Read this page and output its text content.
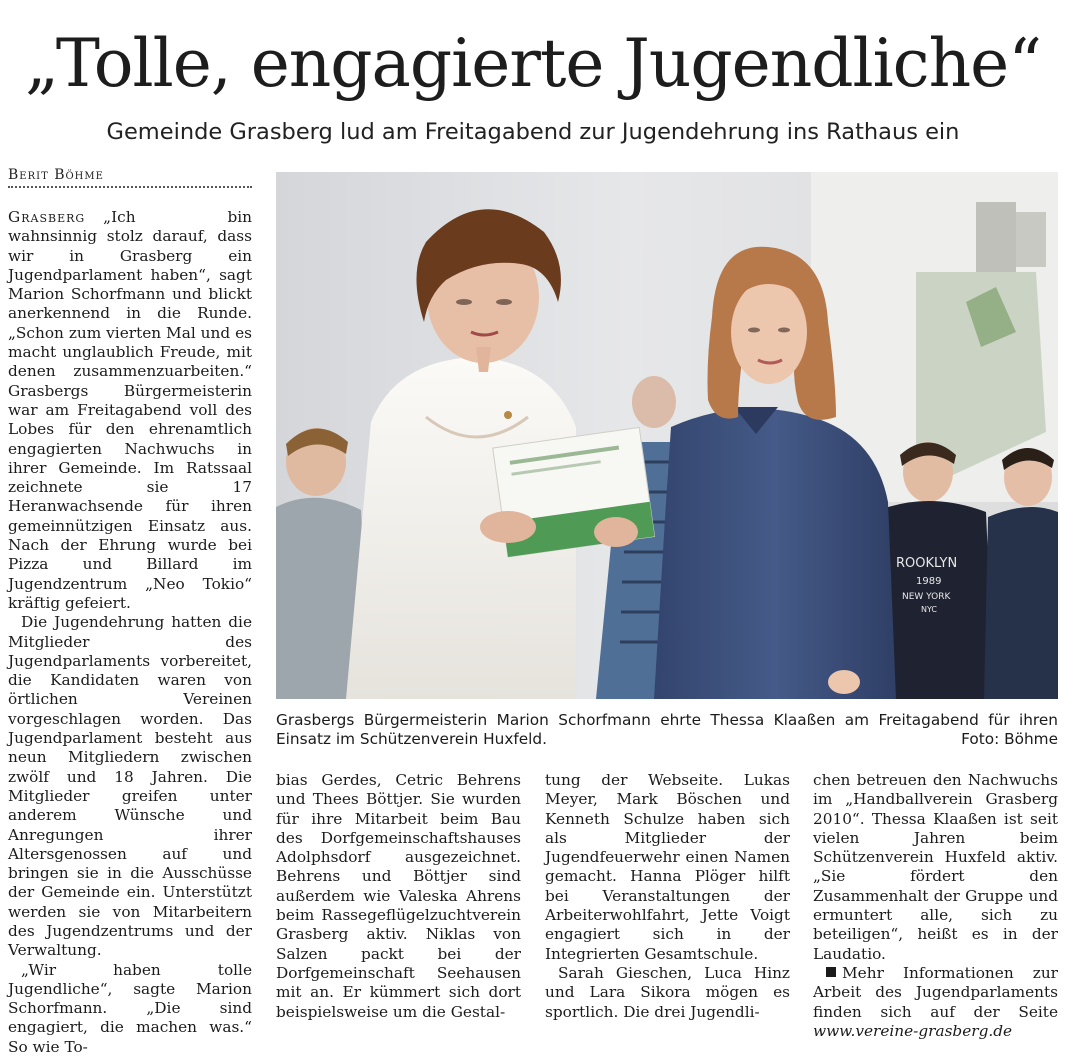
„Tolle, engagierte Jugendliche“
Gemeinde Grasberg lud am Freitagabend zur Jugendehrung ins Rathaus ein
Berit Böhme

Grasberg „Ich bin wahnsinnig stolz darauf, dass wir in Grasberg ein Jugendparlament haben“, sagt Marion Schorfmann und blickt anerkennend in die Runde. „Schon zum vierten Mal und es macht unglaublich Freude, mit denen zusammenzuarbeiten.“ Grasbergs Bürgermeisterin war am Freitagabend voll des Lobes für den ehrenamtlich engagierten Nachwuchs in ihrer Gemeinde. Im Ratssaal zeichnete sie 17 Heranwachsende für ihren gemeinnützigen Einsatz aus. Nach der Ehrung wurde bei Pizza und Billard im Jugendzentrum „Neo Tokio“ kräftig gefeiert.

Die Jugendehrung hatten die Mitglieder des Jugendparlaments vorbereitet, die Kandidaten waren von örtlichen Vereinen vorgeschlagen worden. Das Jugendparlament besteht aus neun Mitgliedern zwischen zwölf und 18 Jahren. Die Mitglieder greifen unter anderem Wünsche und Anregungen ihrer Altersgenossen auf und bringen sie in die Ausschüsse der Gemeinde ein. Unterstützt werden sie von Mitarbeitern des Jugendzentrums und der Verwaltung.

„Wir haben tolle Jugendliche“, sagte Marion Schorfmann. „Die sind engagiert, die machen was.“ So wie To-

ROOKLYN
1989
NEW YORK
NYC
Grasbergs Bürgermeisterin Marion Schorfmann ehrte Thessa Klaaßen am Freitagabend für ihren Einsatz im Schützenverein Huxfeld.	Foto: Böhme

bias Gerdes, Cetric Behrens und Thees Böttjer. Sie wurden für ihre Mitarbeit beim Bau des Dorfgemeinschaftshauses Adolphsdorf ausgezeichnet. Behrens und Böttjer sind außerdem wie Valeska Ahrens beim Rassegeflügelzuchtverein Grasberg aktiv. Niklas von Salzen packt bei der Dorfgemeinschaft Seehausen mit an. Er kümmert sich dort beispielsweise um die Gestal-

tung der Webseite. Lukas Meyer, Mark Böschen und Kenneth Schulze haben sich als Mitglieder der Jugendfeuerwehr einen Namen gemacht. Hanna Plöger hilft bei Veranstaltungen der Arbeiterwohlfahrt, Jette Voigt engagiert sich in der Integrierten Gesamtschule.

Sarah Gieschen, Luca Hinz und Lara Sikora mögen es sportlich. Die drei Jugendli-

chen betreuen den Nachwuchs im „Handballverein Grasberg 2010“. Thessa Klaaßen ist seit vielen Jahren beim Schützenverein Huxfeld aktiv. „Sie fördert den Zusammenhalt der Gruppe und ermuntert alle, sich zu beteiligen“, heißt es in der Laudatio.

Mehr Informationen zur Arbeit des Jugendparlaments finden sich auf der Seite www.vereine-grasberg.de
